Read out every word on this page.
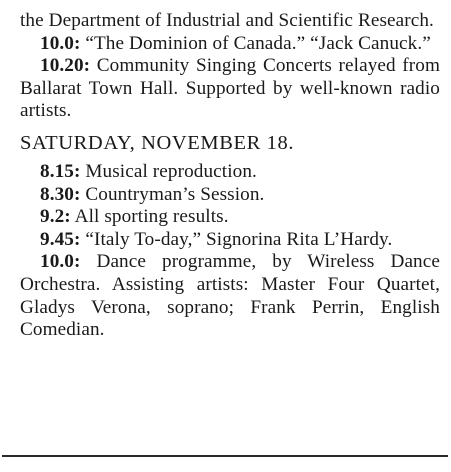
the Department of Industrial and Scientific Research.

10.0: “The Dominion of Canada.” “Jack Canuck.”

10.20: Community Singing Concerts relayed from Ballarat Town Hall. Supported by well-known radio artists.

SATURDAY, NOVEMBER 18.

8.15: Musical reproduction.

8.30: Countryman’s Session.

9.2: All sporting results.

9.45: “Italy To-day,” Signorina Rita L’Hardy.

10.0: Dance programme, by Wireless Dance Orchestra. Assisting artists: Master Four Quartet, Gladys Verona, soprano; Frank Perrin, English Comedian.
